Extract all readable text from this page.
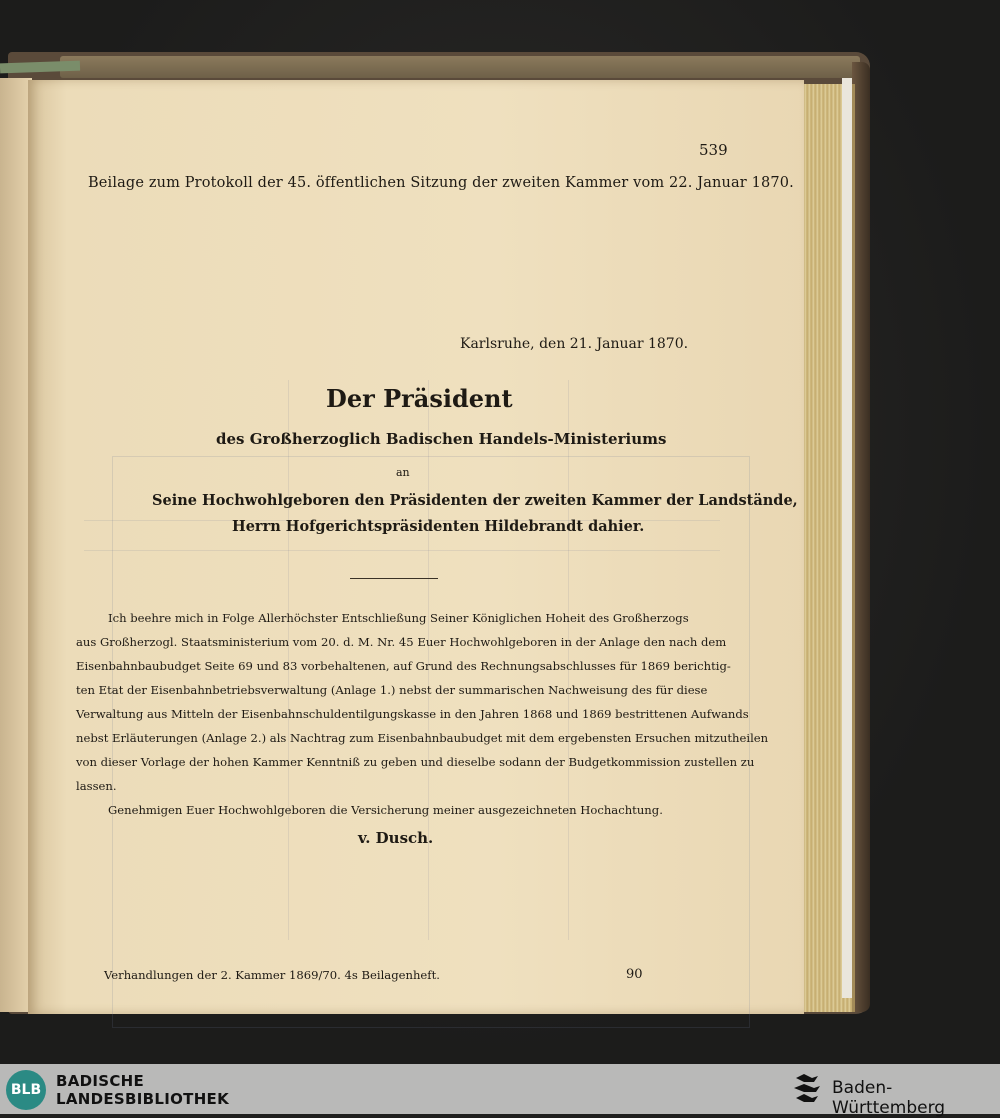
539
Beilage zum Protokoll der 45. öffentlichen Sitzung der zweiten Kammer vom 22. Januar 1870.
Karlsruhe, den 21. Januar 1870.
Der Präsident
des Großherzoglich Badischen Handels-Ministeriums
an
Seine Hochwohlgeboren den Präsidenten der zweiten Kammer der Landstände,
Herrn Hofgerichtspräsidenten Hildebrandt dahier.
Ich beehre mich in Folge Allerhöchster Entschließung Seiner Königlichen Hoheit des Großherzogs
aus Großherzogl. Staatsministerium vom 20. d. M. Nr. 45 Euer Hochwohlgeboren in der Anlage den nach dem
Eisenbahnbaubudget Seite 69 und 83 vorbehaltenen, auf Grund des Rechnungsabschlusses für 1869 berichtig-
ten Etat der Eisenbahnbetriebsverwaltung (Anlage 1.) nebst der summarischen Nachweisung des für diese
Verwaltung aus Mitteln der Eisenbahnschuldentilgungskasse in den Jahren 1868 und 1869 bestrittenen Aufwands
nebst Erläuterungen (Anlage 2.) als Nachtrag zum Eisenbahnbaubudget mit dem ergebensten Ersuchen mitzutheilen
von dieser Vorlage der hohen Kammer Kenntniß zu geben und dieselbe sodann der Budgetkommission zustellen zu
lassen.
Genehmigen Euer Hochwohlgeboren die Versicherung meiner ausgezeichneten Hochachtung.
v. Dusch.
Verhandlungen der 2. Kammer 1869/70. 4s Beilagenheft.	90
BLB BADISCHE
LANDESBIBLIOTHEK
Baden-Württemberg
